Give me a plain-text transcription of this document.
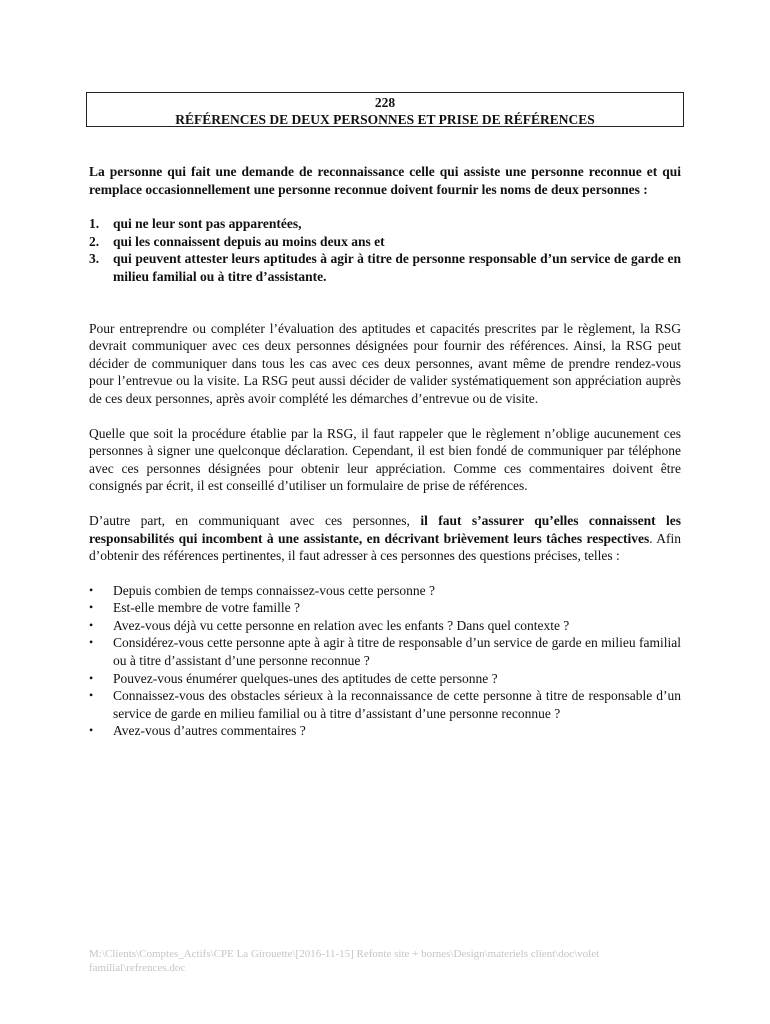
228
RÉFÉRENCES DE DEUX PERSONNES ET PRISE DE RÉFÉRENCES

La personne qui fait une demande de reconnaissance celle qui assiste une personne reconnue et qui remplace occasionnellement une personne reconnue doivent fournir les noms de deux personnes :

1. qui ne leur sont pas apparentées,
2. qui les connaissent depuis au moins deux ans et
3. qui peuvent attester leurs aptitudes à agir à titre de personne responsable d’un service de garde en milieu familial ou à titre d’assistante.

Pour entreprendre ou compléter l’évaluation des aptitudes et capacités prescrites par le règlement, la RSG devrait communiquer avec ces deux personnes désignées pour fournir des références. Ainsi, la RSG peut décider de communiquer dans tous les cas avec ces deux personnes, avant même de prendre rendez-vous pour l’entrevue ou la visite. La RSG peut aussi décider de valider systématiquement son appréciation auprès de ces deux personnes, après avoir complété les démarches d’entrevue ou de visite.

Quelle que soit la procédure établie par la RSG, il faut rappeler que le règlement n’oblige aucunement ces personnes à signer une quelconque déclaration. Cependant, il est bien fondé de communiquer par téléphone avec ces personnes désignées pour obtenir leur appréciation. Comme ces commentaires doivent être consignés par écrit, il est conseillé d’utiliser un formulaire de prise de références.

D’autre part, en communiquant avec ces personnes, il faut s’assurer qu’elles connaissent les responsabilités qui incombent à une assistante, en décrivant brièvement leurs tâches respectives. Afin d’obtenir des références pertinentes, il faut adresser à ces personnes des questions précises, telles :

• Depuis combien de temps connaissez-vous cette personne ?
• Est-elle membre de votre famille ?
• Avez-vous déjà vu cette personne en relation avec les enfants ? Dans quel contexte ?
• Considérez-vous cette personne apte à agir à titre de responsable d’un service de garde en milieu familial ou à titre d’assistant d’une personne reconnue ?
• Pouvez-vous énumérer quelques-unes des aptitudes de cette personne ?
• Connaissez-vous des obstacles sérieux à la reconnaissance de cette personne à titre de responsable d’un service de garde en milieu familial ou à titre d’assistant d’une personne reconnue ?
• Avez-vous d’autres commentaires ?
M:\Clients\Comptes_Actifs\CPE La Girouette\[2016-11-15] Refonte site + bornes\Design\materiels client\doc\volet familial\refrences.doc
